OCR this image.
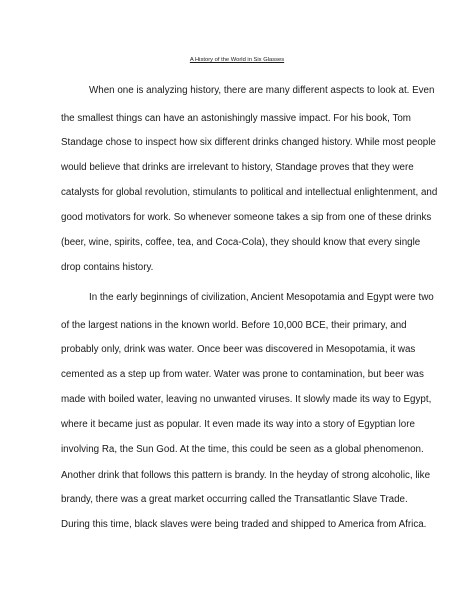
A History of the World in Six Glasses
When one is analyzing history, there are many different aspects to look at. Even
the smallest things can have an astonishingly massive impact. For his book, Tom
Standage chose to inspect how six different drinks changed history. While most people
would believe that drinks are irrelevant to history, Standage proves that they were
catalysts for global revolution, stimulants to political and intellectual enlightenment, and
good motivators for work. So whenever someone takes a sip from one of these drinks
(beer, wine, spirits, coffee, tea, and Coca-Cola), they should know that every single
drop contains history.
In the early beginnings of civilization, Ancient Mesopotamia and Egypt were two
of the largest nations in the known world. Before 10,000 BCE, their primary, and
probably only, drink was water. Once beer was discovered in Mesopotamia, it was
cemented as a step up from water. Water was prone to contamination, but beer was
made with boiled water, leaving no unwanted viruses. It slowly made its way to Egypt,
where it became just as popular. It even made its way into a story of Egyptian lore
involving Ra, the Sun God. At the time, this could be seen as a global phenomenon.
Another drink that follows this pattern is brandy. In the heyday of strong alcoholic, like
brandy, there was a great market occurring called the Transatlantic Slave Trade.
During this time, black slaves were being traded and shipped to America from Africa.
